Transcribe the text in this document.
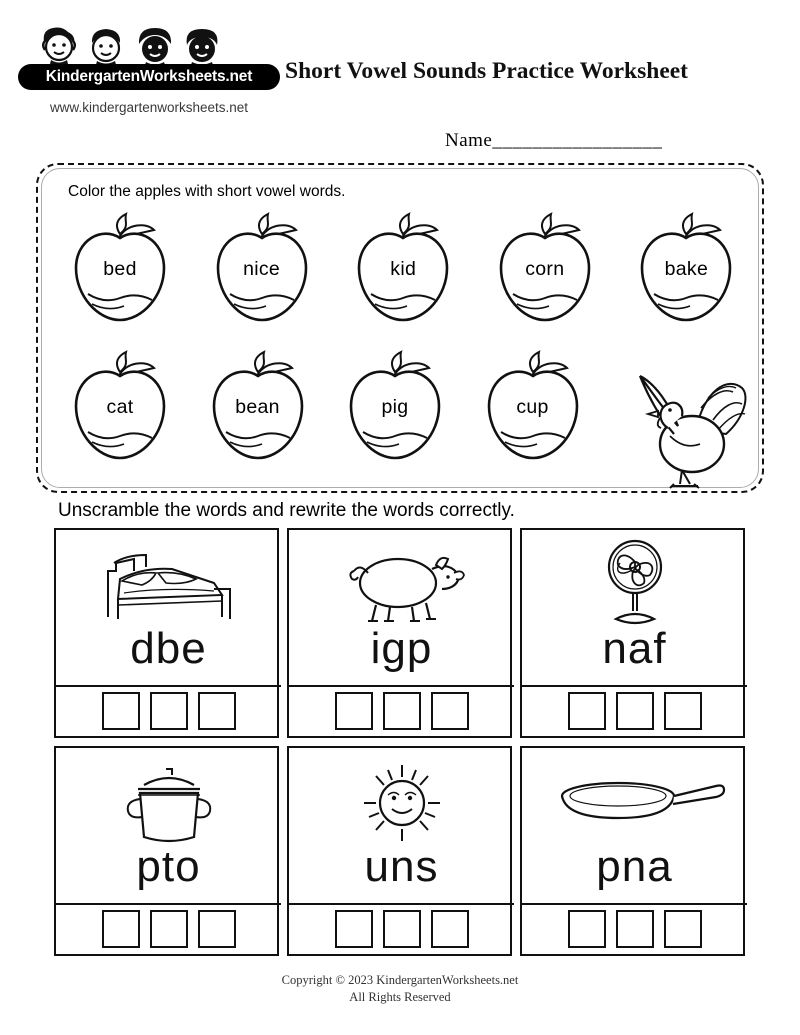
KindergartenWorksheets.net
www.kindergartenworksheets.net
Short Vowel Sounds Practice Worksheet
Name_________________
Color the apples with short vowel words.
bed	nice	kid	corn	bake
cat	bean	pig	cup
Unscramble the words and rewrite the words correctly.
dbe	igp	naf
pto	uns	pna
Copyright © 2023 KindergartenWorksheets.net
All Rights Reserved
